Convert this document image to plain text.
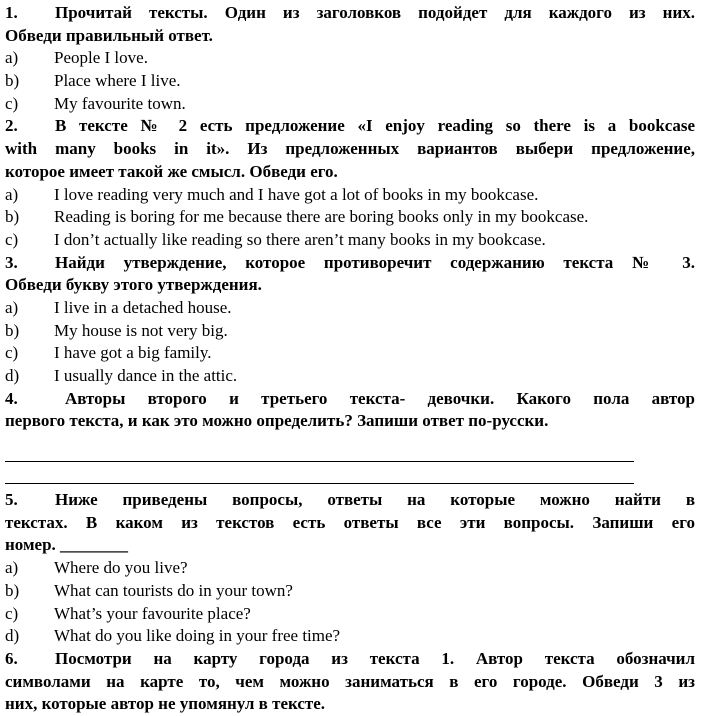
1. Прочитай тексты. Один из заголовков подойдет для каждого из них.
Обведи правильный ответ.
a) People I love.
b) Place where I live.
c) My favourite town.
2. В тексте № 2 есть предложение «I enjoy reading so there is a bookcase
with many books in it». Из предложенных вариантов выбери предложение,
которое имеет такой же смысл. Обведи его.
a) I love reading very much and I have got a lot of books in my bookcase.
b) Reading is boring for me because there are boring books only in my bookcase.
c) I don’t actually like reading so there aren’t many books in my bookcase.
3. Найди утверждение, которое противоречит содержанию текста № 3.
Обведи букву этого утверждения.
a) I live in a detached house.
b) My house is not very big.
c) I have got a big family.
d) I usually dance in the attic.
4.	Авторы второго и третьего текста- девочки. Какого пола автор
первого текста, и как это можно определить? Запиши ответ по-русски.
5. Ниже приведены вопросы, ответы на которые можно найти в
текстах. В каком из текстов есть ответы все эти вопросы. Запиши его
номер. ________
a) Where do you live?
b) What can tourists do in your town?
c) What’s your favourite place?
d) What do you like doing in your free time?
6. Посмотри на карту города из текста 1. Автор текста обозначил
символами на карте то, чем можно заниматься в его городе. Обведи 3 из
них, которые автор не упомянул в тексте.
